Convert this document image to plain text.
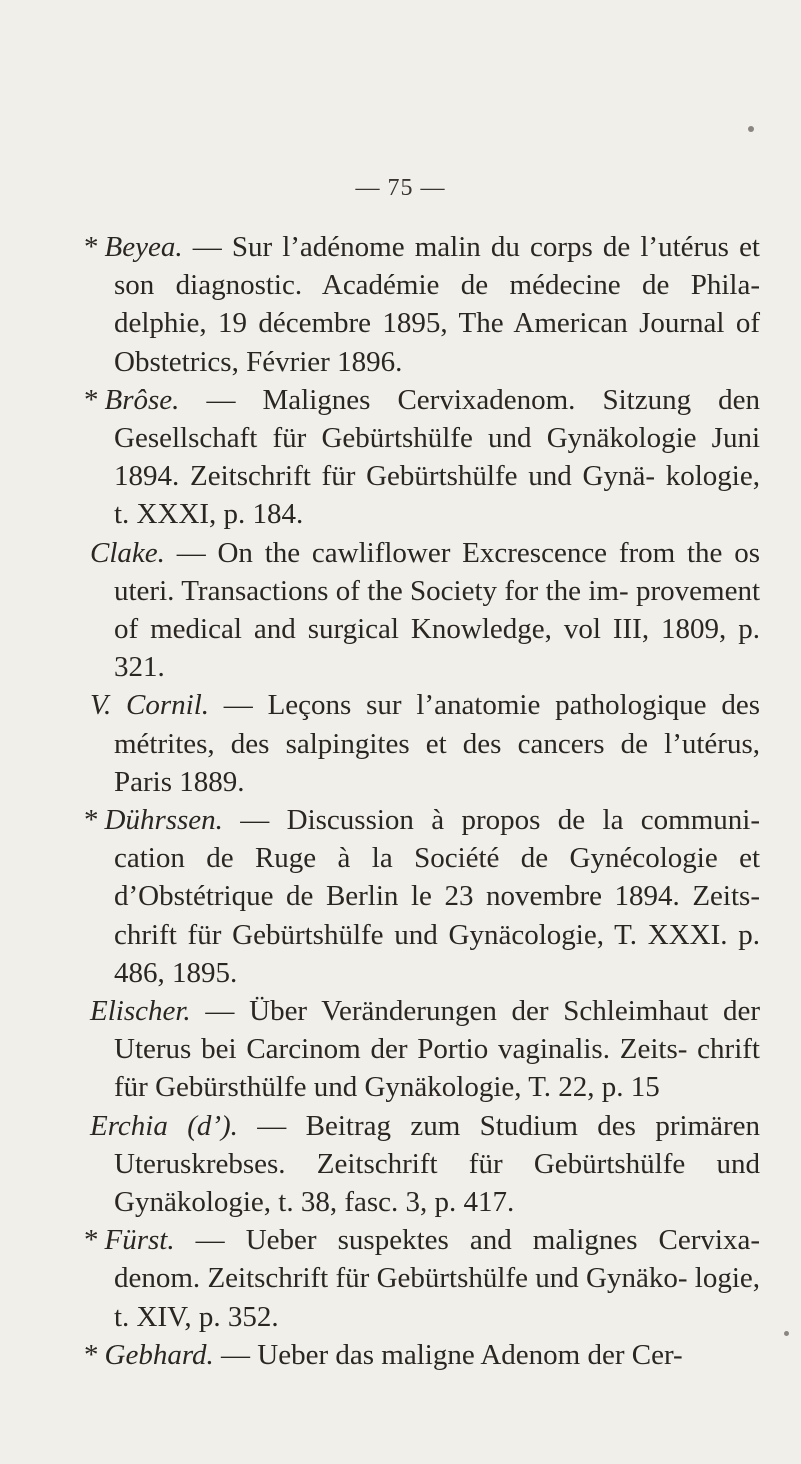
— 75 —

* Beyea. — Sur l’adénome malin du corps de l’utérus et son diagnostic. Académie de médecine de Phila- delphie, 19 décembre 1895, The American Journal of Obstetrics, Février 1896.

* Brôse. — Malignes Cervixadenom. Sitzung den Gesellschaft für Gebürtshülfe und Gynäkologie Juni 1894. Zeitschrift für Gebürtshülfe und Gynä- kologie, t. XXXI, p. 184.

Clake. — On the cawliflower Excrescence from the os uteri. Transactions of the Society for the im- provement of medical and surgical Knowledge, vol III, 1809, p. 321.

V. Cornil. — Leçons sur l’anatomie pathologique des métrites, des salpingites et des cancers de l’utérus, Paris 1889.

* Dührssen. — Discussion à propos de la communi- cation de Ruge à la Société de Gynécologie et d’Obstétrique de Berlin le 23 novembre 1894. Zeits- chrift für Gebürtshülfe und Gynäcologie, T. XXXI. p. 486, 1895.

Elischer. — Über Veränderungen der Schleimhaut der Uterus bei Carcinom der Portio vaginalis. Zeits- chrift für Gebürsthülfe und Gynäkologie, T. 22, p. 15

Erchia (d’). — Beitrag zum Studium des primären Uteruskrebses. Zeitschrift für Gebürtshülfe und Gynäkologie, t. 38, fasc. 3, p. 417.

* Fürst. — Ueber suspektes and malignes Cervixa- denom. Zeitschrift für Gebürtshülfe und Gynäko- logie, t. XIV, p. 352.

* Gebhard. — Ueber das maligne Adenom der Cer-
